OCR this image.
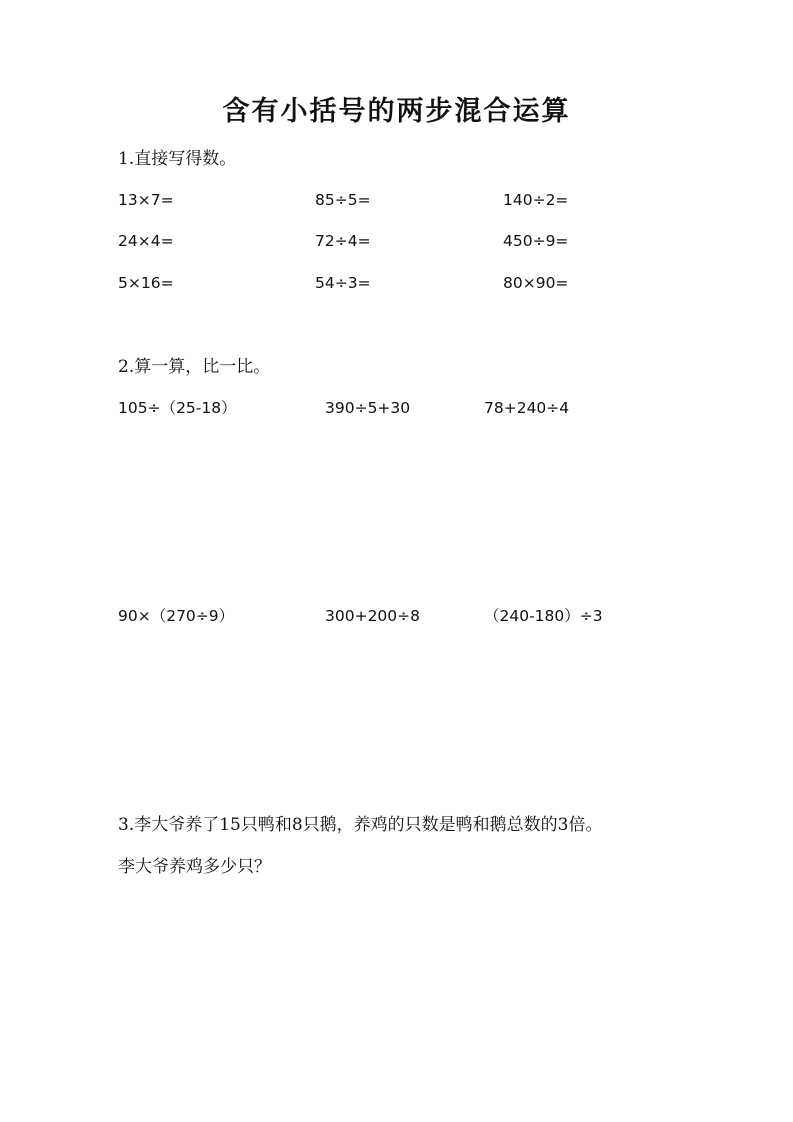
含有小括号的两步混合运算
1.直接写得数。
13×7=	85÷5=	140÷2=
24×4=	72÷4=	450÷9=
5×16=	54÷3=	80×90=
2.算一算，比一比。
105÷（25-18）	390÷5+30	78+240÷4
90×（270÷9）	300+200÷8	（240-180）÷3
3.李大爷养了15只鸭和8只鹅，养鸡的只数是鸭和鹅总数的3倍。
李大爷养鸡多少只？
